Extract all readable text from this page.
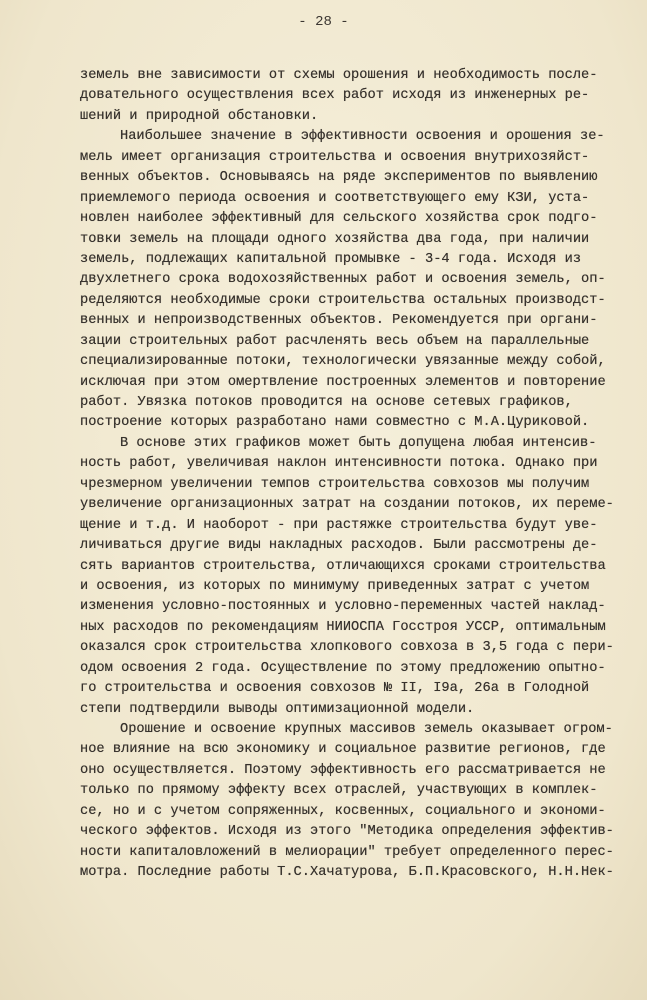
- 28 -
земель вне зависимости от схемы орошения и необходимость после-
довательного осуществления всех работ исходя из инженерных ре-
шений и природной обстановки.
Наибольшее значение в эффективности освоения и орошения зе-
мель имеет организация строительства и освоения внутрихозяйст-
венных объектов. Основываясь на ряде экспериментов по выявлению
приемлемого периода освоения и соответствующего ему КЗИ, уста-
новлен наиболее эффективный для сельского хозяйства срок подго-
товки земель на площади одного хозяйства два года, при наличии
земель, подлежащих капитальной промывке - 3-4 года. Исходя из
двухлетнего срока водохозяйственных работ и освоения земель, оп-
ределяются необходимые сроки строительства остальных производст-
венных и непроизводственных объектов. Рекомендуется при органи-
зации строительных работ расчленять весь объем на параллельные
специализированные потоки, технологически увязанные между собой,
исключая при этом омертвление построенных элементов и повторение
работ. Увязка потоков проводится на основе сетевых графиков,
построение которых разработано нами совместно с М.А.Цуриковой.
В основе этих графиков может быть допущена любая интенсив-
ность работ, увеличивая наклон интенсивности потока. Однако при
чрезмерном увеличении темпов строительства совхозов мы получим
увеличение организационных затрат на создании потоков, их переме-
щение и т.д. И наоборот - при растяжке строительства будут уве-
личиваться другие виды накладных расходов. Были рассмотрены де-
сять вариантов строительства, отличающихся сроками строительства
и освоения, из которых по минимуму приведенных затрат с учетом
изменения условно-постоянных и условно-переменных частей наклад-
ных расходов по рекомендациям НИИОСПА Госстроя УССР, оптимальным
оказался срок строительства хлопкового совхоза в 3,5 года с пери-
одом освоения 2 года. Осуществление по этому предложению опытно-
го строительства и освоения совхозов № II, I9а, 26а в Голодной
степи подтвердили выводы оптимизационной модели.
Орошение и освоение крупных массивов земель оказывает огром-
ное влияние на всю экономику и социальное развитие регионов, где
оно осуществляется. Поэтому эффективность его рассматривается не
только по прямому эффекту всех отраслей, участвующих в комплек-
се, но и с учетом сопряженных, косвенных, социального и экономи-
ческого эффектов. Исходя из этого "Методика определения эффектив-
ности капиталовложений в мелиорации" требует определенного перес-
мотра. Последние работы Т.С.Хачатурова, Б.П.Красовского, Н.Н.Нек-
